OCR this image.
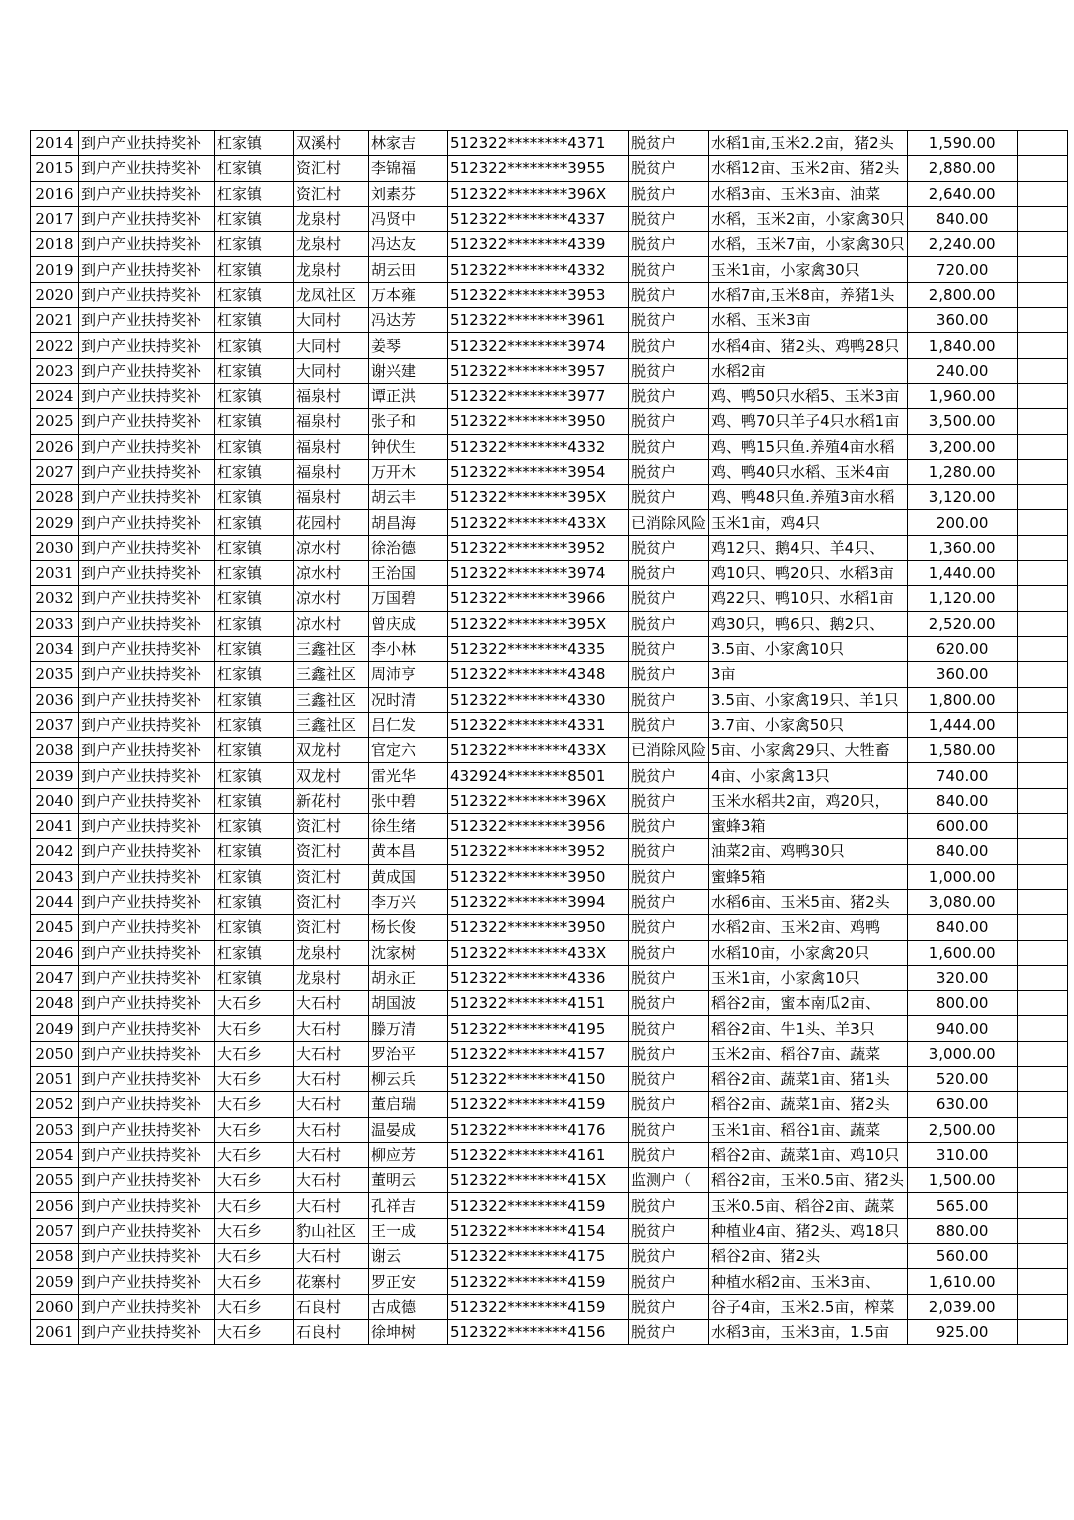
2014	到户产业扶持奖补	杠家镇	双溪村	林家吉	512322********4371	脱贫户	水稻1亩,玉米2.2亩，猪2头	1,590.00	
2015	到户产业扶持奖补	杠家镇	资汇村	李锦福	512322********3955	脱贫户	水稻12亩、玉米2亩、猪2头	2,880.00	
2016	到户产业扶持奖补	杠家镇	资汇村	刘素芬	512322********396X	脱贫户	水稻3亩、玉米3亩、油菜	2,640.00	
2017	到户产业扶持奖补	杠家镇	龙泉村	冯贤中	512322********4337	脱贫户	水稻，玉米2亩，小家禽30只	840.00	
2018	到户产业扶持奖补	杠家镇	龙泉村	冯达友	512322********4339	脱贫户	水稻，玉米7亩，小家禽30只	2,240.00	
2019	到户产业扶持奖补	杠家镇	龙泉村	胡云田	512322********4332	脱贫户	玉米1亩，小家禽30只	720.00	
2020	到户产业扶持奖补	杠家镇	龙凤社区	万本雍	512322********3953	脱贫户	水稻7亩,玉米8亩，养猪1头	2,800.00	
2021	到户产业扶持奖补	杠家镇	大同村	冯达芳	512322********3961	脱贫户	水稻、玉米3亩	360.00	
2022	到户产业扶持奖补	杠家镇	大同村	姜琴	512322********3974	脱贫户	水稻4亩、猪2头、鸡鸭28只	1,840.00	
2023	到户产业扶持奖补	杠家镇	大同村	谢兴建	512322********3957	脱贫户	水稻2亩	240.00	
2024	到户产业扶持奖补	杠家镇	福泉村	谭正洪	512322********3977	脱贫户	鸡、鸭50只水稻5、玉米3亩	1,960.00	
2025	到户产业扶持奖补	杠家镇	福泉村	张子和	512322********3950	脱贫户	鸡、鸭70只羊子4只水稻1亩	3,500.00	
2026	到户产业扶持奖补	杠家镇	福泉村	钟伏生	512322********4332	脱贫户	鸡、鸭15只鱼.养殖4亩水稻	3,200.00	
2027	到户产业扶持奖补	杠家镇	福泉村	万开木	512322********3954	脱贫户	鸡、鸭40只水稻、玉米4亩	1,280.00	
2028	到户产业扶持奖补	杠家镇	福泉村	胡云丰	512322********395X	脱贫户	鸡、鸭48只鱼.养殖3亩水稻	3,120.00	
2029	到户产业扶持奖补	杠家镇	花园村	胡昌海	512322********433X	已消除风险	玉米1亩，鸡4只	200.00	
2030	到户产业扶持奖补	杠家镇	凉水村	徐治德	512322********3952	脱贫户	鸡12只、鹅4只、羊4只、	1,360.00	
2031	到户产业扶持奖补	杠家镇	凉水村	王治国	512322********3974	脱贫户	鸡10只、鸭20只、水稻3亩	1,440.00	
2032	到户产业扶持奖补	杠家镇	凉水村	万国碧	512322********3966	脱贫户	鸡22只、鸭10只、水稻1亩	1,120.00	
2033	到户产业扶持奖补	杠家镇	凉水村	曾庆成	512322********395X	脱贫户	鸡30只，鸭6只、鹅2只、	2,520.00	
2034	到户产业扶持奖补	杠家镇	三鑫社区	李小林	512322********4335	脱贫户	3.5亩、小家禽10只	620.00	
2035	到户产业扶持奖补	杠家镇	三鑫社区	周沛亨	512322********4348	脱贫户	3亩	360.00	
2036	到户产业扶持奖补	杠家镇	三鑫社区	况时清	512322********4330	脱贫户	3.5亩、小家禽19只、羊1只	1,800.00	
2037	到户产业扶持奖补	杠家镇	三鑫社区	吕仁发	512322********4331	脱贫户	3.7亩、小家禽50只	1,444.00	
2038	到户产业扶持奖补	杠家镇	双龙村	官定六	512322********433X	已消除风险	5亩、小家禽29只、大牲畜	1,580.00	
2039	到户产业扶持奖补	杠家镇	双龙村	雷光华	432924********8501	脱贫户	4亩、小家禽13只	740.00	
2040	到户产业扶持奖补	杠家镇	新花村	张中碧	512322********396X	脱贫户	玉米水稻共2亩，鸡20只，	840.00	
2041	到户产业扶持奖补	杠家镇	资汇村	徐生绪	512322********3956	脱贫户	蜜蜂3箱	600.00	
2042	到户产业扶持奖补	杠家镇	资汇村	黄本昌	512322********3952	脱贫户	油菜2亩、鸡鸭30只	840.00	
2043	到户产业扶持奖补	杠家镇	资汇村	黄成国	512322********3950	脱贫户	蜜蜂5箱	1,000.00	
2044	到户产业扶持奖补	杠家镇	资汇村	李万兴	512322********3994	脱贫户	水稻6亩、玉米5亩、猪2头	3,080.00	
2045	到户产业扶持奖补	杠家镇	资汇村	杨长俊	512322********3950	脱贫户	水稻2亩、玉米2亩、鸡鸭	840.00	
2046	到户产业扶持奖补	杠家镇	龙泉村	沈家树	512322********433X	脱贫户	水稻10亩，小家禽20只	1,600.00	
2047	到户产业扶持奖补	杠家镇	龙泉村	胡永正	512322********4336	脱贫户	玉米1亩，小家禽10只	320.00	
2048	到户产业扶持奖补	大石乡	大石村	胡国波	512322********4151	脱贫户	稻谷2亩，蜜本南瓜2亩、	800.00	
2049	到户产业扶持奖补	大石乡	大石村	滕万清	512322********4195	脱贫户	稻谷2亩、牛1头、羊3只	940.00	
2050	到户产业扶持奖补	大石乡	大石村	罗治平	512322********4157	脱贫户	玉米2亩、稻谷7亩、蔬菜	3,000.00	
2051	到户产业扶持奖补	大石乡	大石村	柳云兵	512322********4150	脱贫户	稻谷2亩、蔬菜1亩、猪1头	520.00	
2052	到户产业扶持奖补	大石乡	大石村	董启瑞	512322********4159	脱贫户	稻谷2亩、蔬菜1亩、猪2头	630.00	
2053	到户产业扶持奖补	大石乡	大石村	温晏成	512322********4176	脱贫户	玉米1亩、稻谷1亩、蔬菜	2,500.00	
2054	到户产业扶持奖补	大石乡	大石村	柳应芳	512322********4161	脱贫户	稻谷2亩、蔬菜1亩、鸡10只	310.00	
2055	到户产业扶持奖补	大石乡	大石村	董明云	512322********415X	监测户（	稻谷2亩，玉米0.5亩、猪2头	1,500.00	
2056	到户产业扶持奖补	大石乡	大石村	孔祥吉	512322********4159	脱贫户	玉米0.5亩、稻谷2亩、蔬菜	565.00	
2057	到户产业扶持奖补	大石乡	豹山社区	王一成	512322********4154	脱贫户	种植业4亩、猪2头、鸡18只	880.00	
2058	到户产业扶持奖补	大石乡	大石村	谢云	512322********4175	脱贫户	稻谷2亩、猪2头	560.00	
2059	到户产业扶持奖补	大石乡	花寨村	罗正安	512322********4159	脱贫户	种植水稻2亩、玉米3亩、	1,610.00	
2060	到户产业扶持奖补	大石乡	石良村	古成德	512322********4159	脱贫户	谷子4亩，玉米2.5亩，榨菜	2,039.00	
2061	到户产业扶持奖补	大石乡	石良村	徐坤树	512322********4156	脱贫户	水稻3亩，玉米3亩，1.5亩	925.00	
